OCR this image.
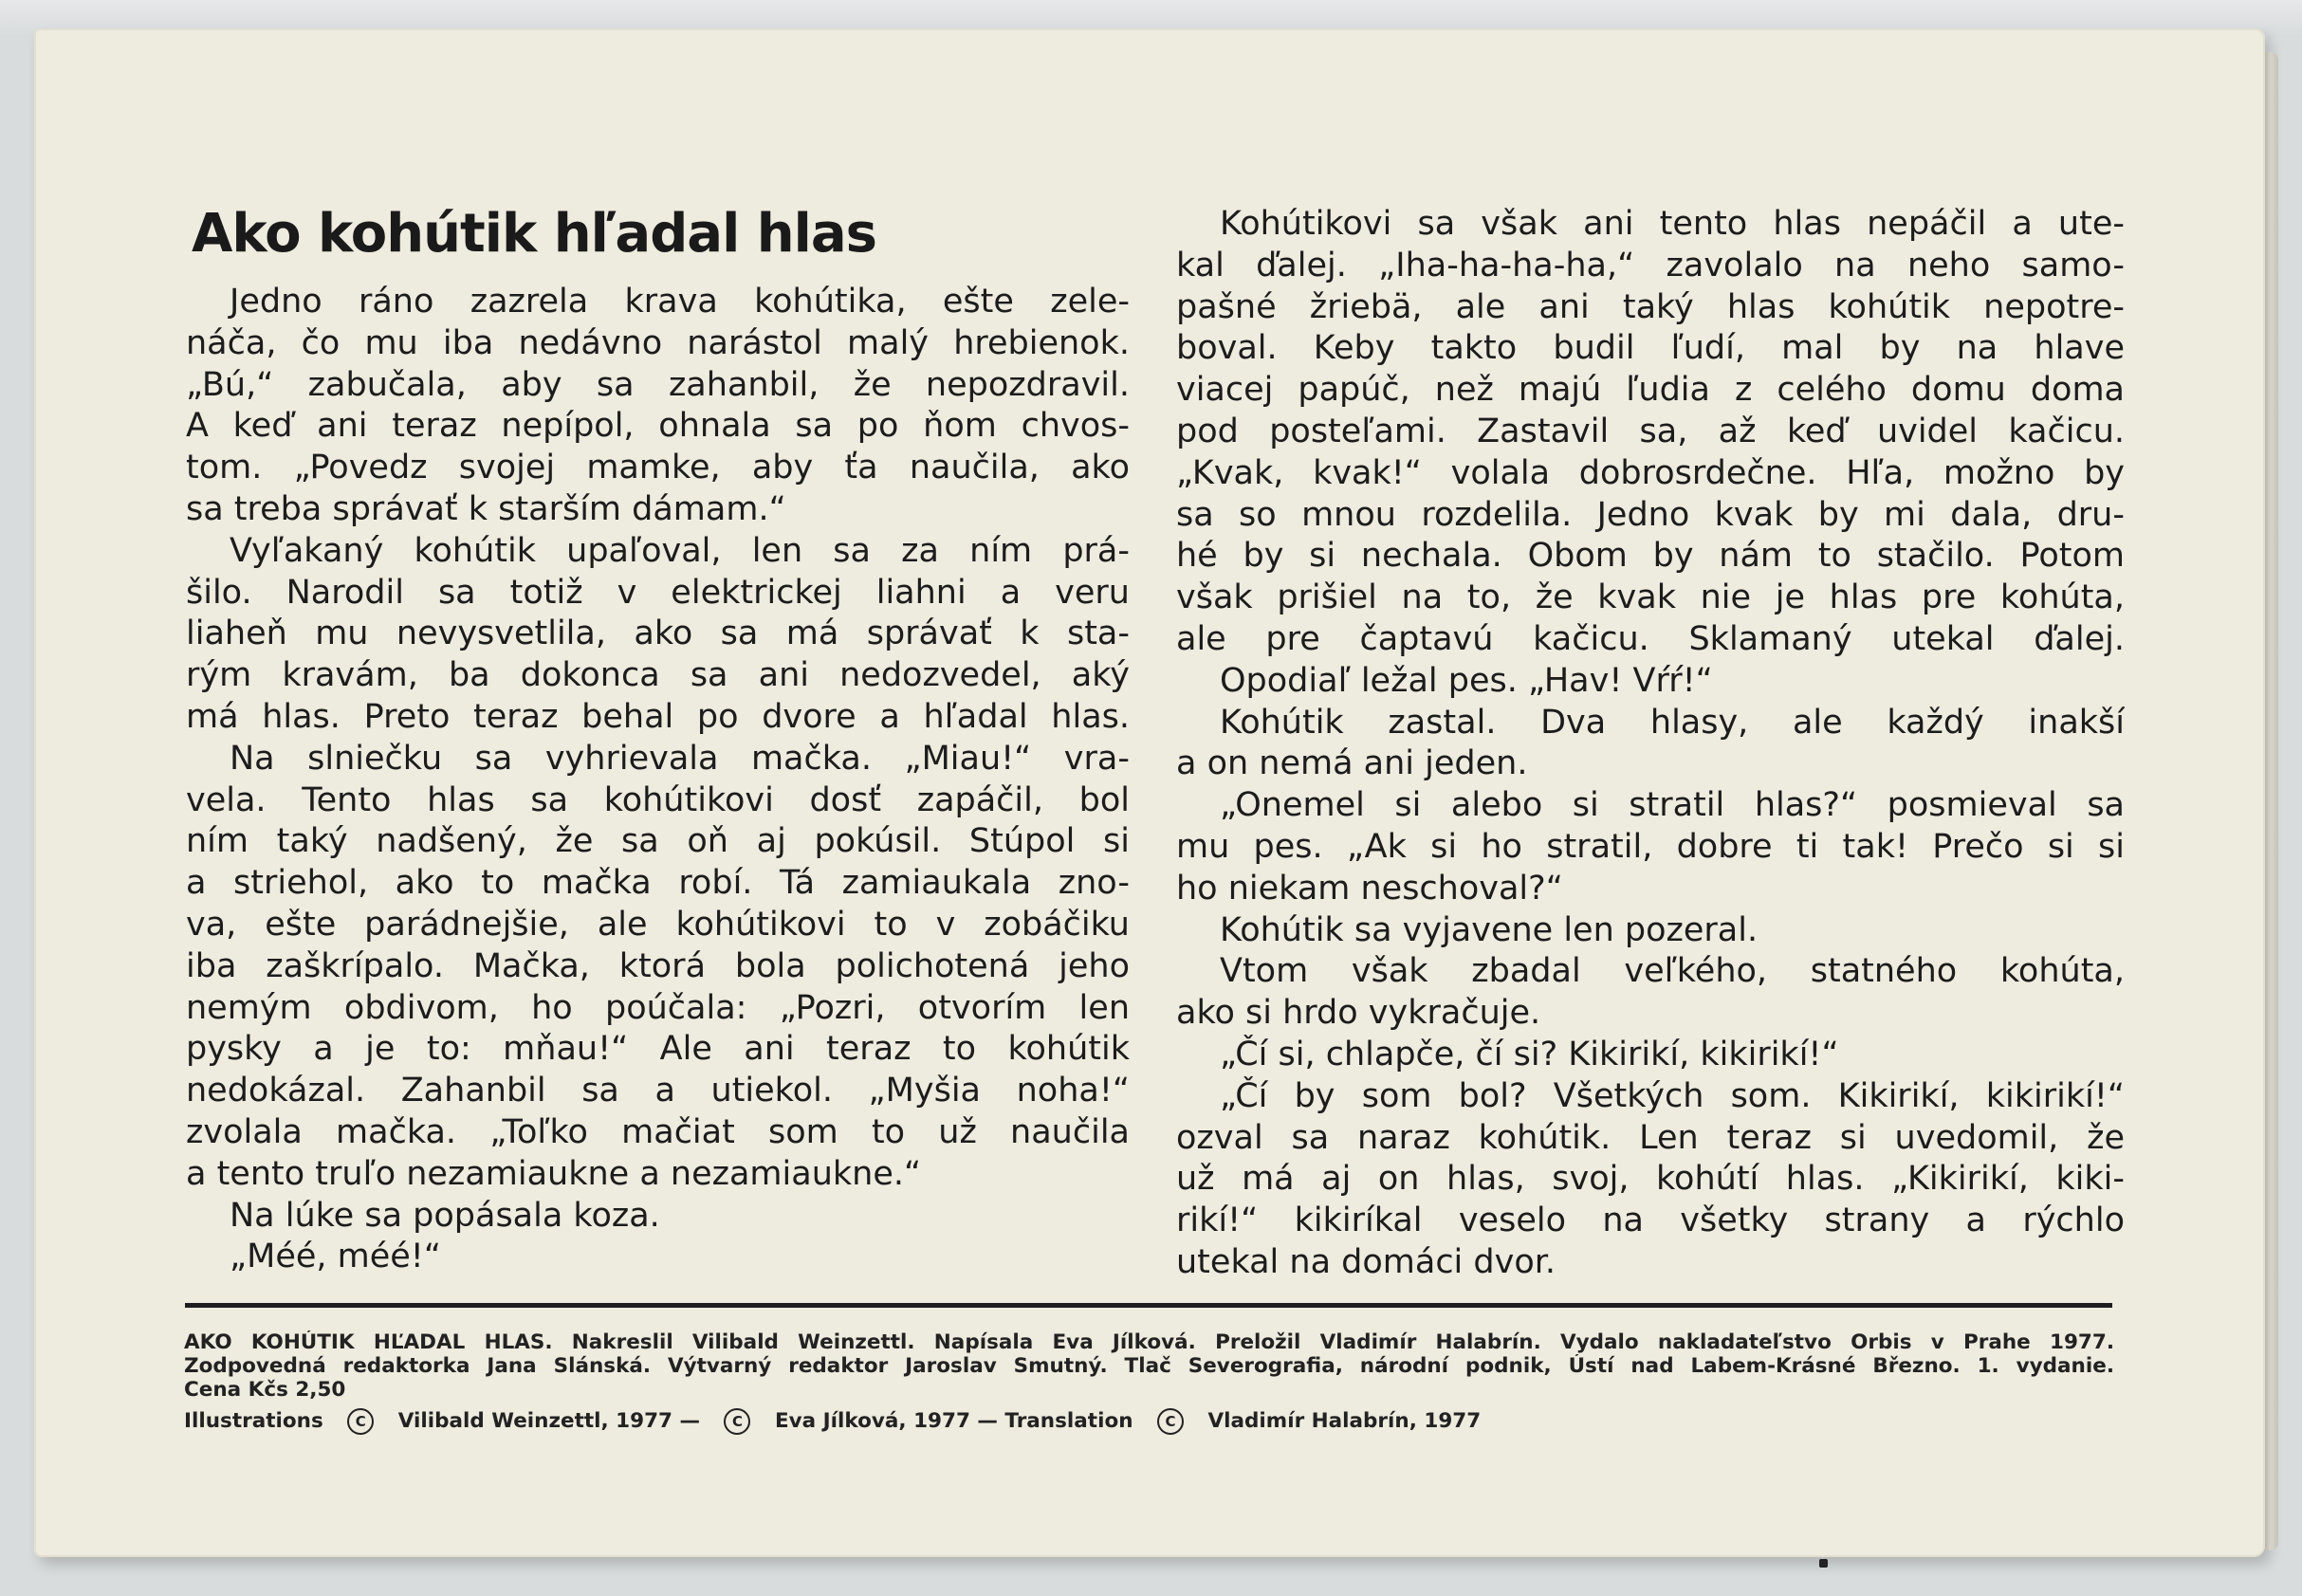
Ako kohútik hľadal hlas
Jedno ráno zazrela krava kohútika, ešte zele-
náča, čo mu iba nedávno narástol malý hrebienok.
„Bú,“ zabučala, aby sa zahanbil, že nepozdravil.
A keď ani teraz nepípol, ohnala sa po ňom chvos-
tom. „Povedz svojej mamke, aby ťa naučila, ako
sa treba správať k starším dámam.“
Vyľakaný kohútik upaľoval, len sa za ním prá-
šilo. Narodil sa totiž v elektrickej liahni a veru
liaheň mu nevysvetlila, ako sa má správať k sta-
rým kravám, ba dokonca sa ani nedozvedel, aký
má hlas. Preto teraz behal po dvore a hľadal hlas.
Na slniečku sa vyhrievala mačka. „Miau!“ vra-
vela. Tento hlas sa kohútikovi dosť zapáčil, bol
ním taký nadšený, že sa oň aj pokúsil. Stúpol si
a striehol, ako to mačka robí. Tá zamiaukala zno-
va, ešte parádnejšie, ale kohútikovi to v zobáčiku
iba zaškrípalo. Mačka, ktorá bola polichotená jeho
nemým obdivom, ho poúčala: „Pozri, otvorím len
pysky a je to: mňau!“ Ale ani teraz to kohútik
nedokázal. Zahanbil sa a utiekol. „Myšia noha!“
zvolala mačka. „Toľko mačiat som to už naučila
a tento truľo nezamiaukne a nezamiaukne.“
Na lúke sa popásala koza.
„Méé, méé!“
Kohútikovi sa však ani tento hlas nepáčil a ute-
kal ďalej. „Iha-ha-ha-ha,“ zavolalo na neho samo-
pašné žriebä, ale ani taký hlas kohútik nepotre-
boval. Keby takto budil ľudí, mal by na hlave
viacej papúč, než majú ľudia z celého domu doma
pod posteľami. Zastavil sa, až keď uvidel kačicu.
„Kvak, kvak!“ volala dobrosrdečne. Hľa, možno by
sa so mnou rozdelila. Jedno kvak by mi dala, dru-
hé by si nechala. Obom by nám to stačilo. Potom
však prišiel na to, že kvak nie je hlas pre kohúta,
ale pre čaptavú kačicu. Sklamaný utekal ďalej.
Opodiaľ ležal pes. „Hav! Vŕŕ!“
Kohútik zastal. Dva hlasy, ale každý inakší
a on nemá ani jeden.
„Onemel si alebo si stratil hlas?“ posmieval sa
mu pes. „Ak si ho stratil, dobre ti tak! Prečo si si
ho niekam neschoval?“
Kohútik sa vyjavene len pozeral.
Vtom však zbadal veľkého, statného kohúta,
ako si hrdo vykračuje.
„Čí si, chlapče, čí si? Kikirikí, kikirikí!“
„Čí by som bol? Všetkých som. Kikirikí, kikirikí!“
ozval sa naraz kohútik. Len teraz si uvedomil, že
už má aj on hlas, svoj, kohútí hlas. „Kikirikí, kiki-
rikí!“ kikiríkal veselo na všetky strany a rýchlo
utekal na domáci dvor.
AKO KOHÚTIK HĽADAL HLAS. Nakreslil Vilibald Weinzettl. Napísala Eva Jílková. Preložil Vladimír Halabrín. Vydalo nakladateľstvo Orbis v Prahe 1977.
Zodpovedná redaktorka Jana Slánská. Výtvarný redaktor Jaroslav Smutný. Tlač Severografia, národní podnik, Ústí nad Labem-Krásné Březno. 1. vydanie.
Cena Kčs 2,50
Illustrations C Vilibald Weinzettl, 1977 — C Eva Jílková, 1977 — Translation C Vladimír Halabrín, 1977
